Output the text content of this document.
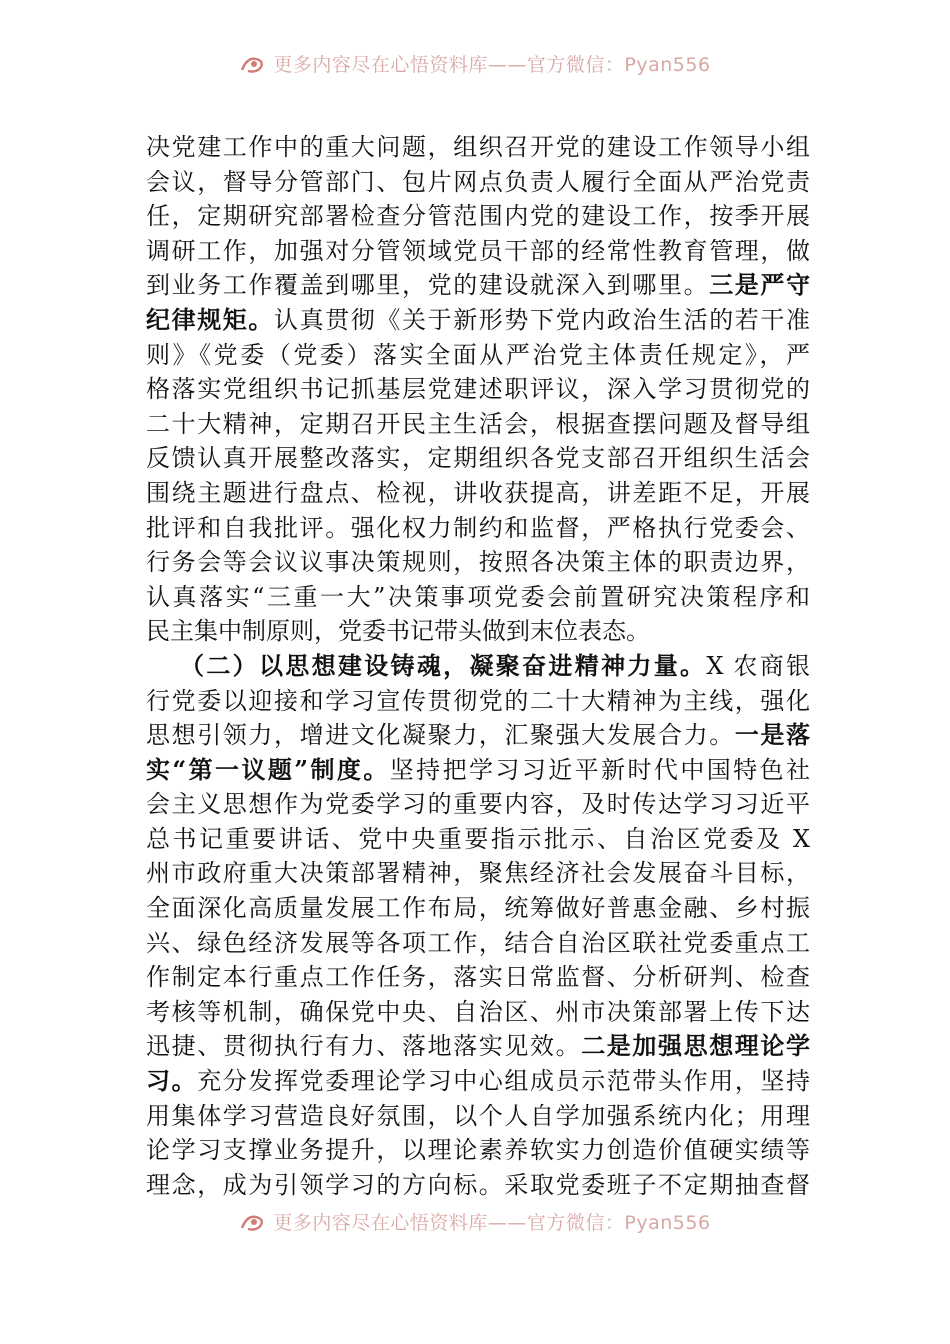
更多内容尽在心悟资料库——官方微信：Pyan556
决党建工作中的重大问题，组织召开党的建设工作领导小组
会议，督导分管部门、包片网点负责人履行全面从严治党责
任，定期研究部署检查分管范围内党的建设工作，按季开展
调研工作，加强对分管领域党员干部的经常性教育管理，做
到业务工作覆盖到哪里，党的建设就深入到哪里。三是严守
纪律规矩。认真贯彻《关于新形势下党内政治生活的若干准
则》《党委（党委）落实全面从严治党主体责任规定》，严
格落实党组织书记抓基层党建述职评议，深入学习贯彻党的
二十大精神，定期召开民主生活会，根据查摆问题及督导组
反馈认真开展整改落实，定期组织各党支部召开组织生活会
围绕主题进行盘点、检视，讲收获提高，讲差距不足，开展
批评和自我批评。强化权力制约和监督，严格执行党委会、
行务会等会议议事决策规则，按照各决策主体的职责边界，
认真落实“三重一大”决策事项党委会前置研究决策程序和
民主集中制原则，党委书记带头做到末位表态。
（二）以思想建设铸魂，凝聚奋进精神力量。X 农商银
行党委以迎接和学习宣传贯彻党的二十大精神为主线，强化
思想引领力，增进文化凝聚力，汇聚强大发展合力。一是落
实“第一议题”制度。坚持把学习习近平新时代中国特色社
会主义思想作为党委学习的重要内容，及时传达学习习近平
总书记重要讲话、党中央重要指示批示、自治区党委及 X
州市政府重大决策部署精神，聚焦经济社会发展奋斗目标，
全面深化高质量发展工作布局，统筹做好普惠金融、乡村振
兴、绿色经济发展等各项工作，结合自治区联社党委重点工
作制定本行重点工作任务，落实日常监督、分析研判、检查
考核等机制，确保党中央、自治区、州市决策部署上传下达
迅捷、贯彻执行有力、落地落实见效。二是加强思想理论学
习。充分发挥党委理论学习中心组成员示范带头作用，坚持
用集体学习营造良好氛围，以个人自学加强系统内化；用理
论学习支撑业务提升，以理论素养软实力创造价值硬实绩等
理念，成为引领学习的方向标。采取党委班子不定期抽查督
更多内容尽在心悟资料库——官方微信：Pyan556
